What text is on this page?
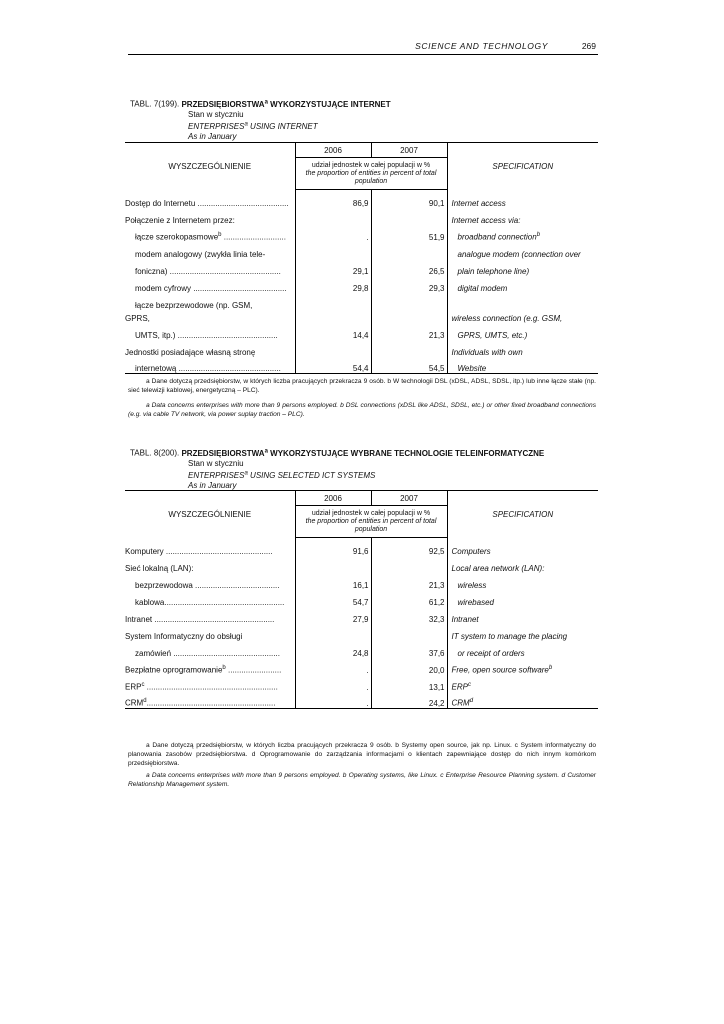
SCIENCE AND TECHNOLOGY	269
TABL. 7(199). PRZEDSIĘBIORSTWA$^a$ WYKORZYSTUJĄCE INTERNET
Stan w styczniu
ENTERPRISES$^a$ USING INTERNET
As in January
WYSZCZEGÓLNIENIE	2006	2007	SPECIFICATION

	udział jednostek w całej populacji w %
the proportion of entities in percent of total population		

Dostęp do Internetu .........................................	86,9	90,1	Internet access
Połączenie z Internetem przez:			Internet access via:
łącze szerokopasmowe$^b$ ............................	.	51,9	broadband connection$^b$
modem analogowy (zwykła linia tele-			analogue modem (connection over
foniczna) ..................................................	29,1	26,5	plain telephone line)
modem cyfrowy ..........................................	29,8	29,3	digital modem
łącze bezprzewodowe (np. GSM,			
GPRS,			wireless connection (e.g. GSM,
UMTS, itp.) .............................................	14,4	21,3	GPRS, UMTS, etc.)
Jednostki posiadające własną stronę			Individuals with own
internetową ..............................................	54,4	54,5	Website
a Dane dotyczą przedsiębiorstw, w których liczba pracujących przekracza 9 osób. b W technologii DSL (xDSL, ADSL, SDSL, itp.) lub inne łącze stałe (np. sieć telewizji kablowej, energetyczną – PLC).
a Data concerns enterprises with more than 9 persons employed. b DSL connections (xDSL like ADSL, SDSL, etc.) or other fixed broadband connections (e.g. via cable TV network, via power suplay traction – PLC).
TABL. 8(200). PRZEDSIĘBIORSTWA$^a$ WYKORZYSTUJĄCE WYBRANE TECHNOLOGIE TELEINFORMATYCZNE
Stan w styczniu
ENTERPRISES$^a$ USING SELECTED ICT SYSTEMS
As in January
WYSZCZEGÓLNIENIE	2006	2007	SPECIFICATION

	udział jednostek w całej populacji w %
the proportion of entities in percent of total population		

Komputery ................................................	91,6	92,5	Computers
Sieć lokalną (LAN):			Local area network (LAN):
bezprzewodowa ......................................	16,1	21,3	wireless
kablowa......................................................	54,7	61,2	wirebased
Intranet ......................................................	27,9	32,3	Intranet
System Informatyczny do obsługi			IT system to manage the placing
zamówień ................................................	24,8	37,6	or receipt of orders
Bezpłatne oprogramowanie$^b$ ........................	.	20,0	Free, open source software$^b$
ERP$^c$ ...........................................................	.	13,1	ERP$^c$
CRM$^d$..........................................................	.	24,2	CRM$^d$
a Dane dotyczą przedsiębiorstw, w których liczba pracujących przekracza 9 osób. b Systemy open source, jak np. Linux. c System informatyczny do planowania zasobów przedsiębiorstwa. d Oprogramowanie do zarządzania informacjami o klientach zapewniające dostęp do nich innym komórkom przedsiębiorstwa.
a Data concerns enterprises with more than 9 persons employed. b Operating systems, like Linux. c Enterprise Resource Planning system. d Customer Relationship Management system.
